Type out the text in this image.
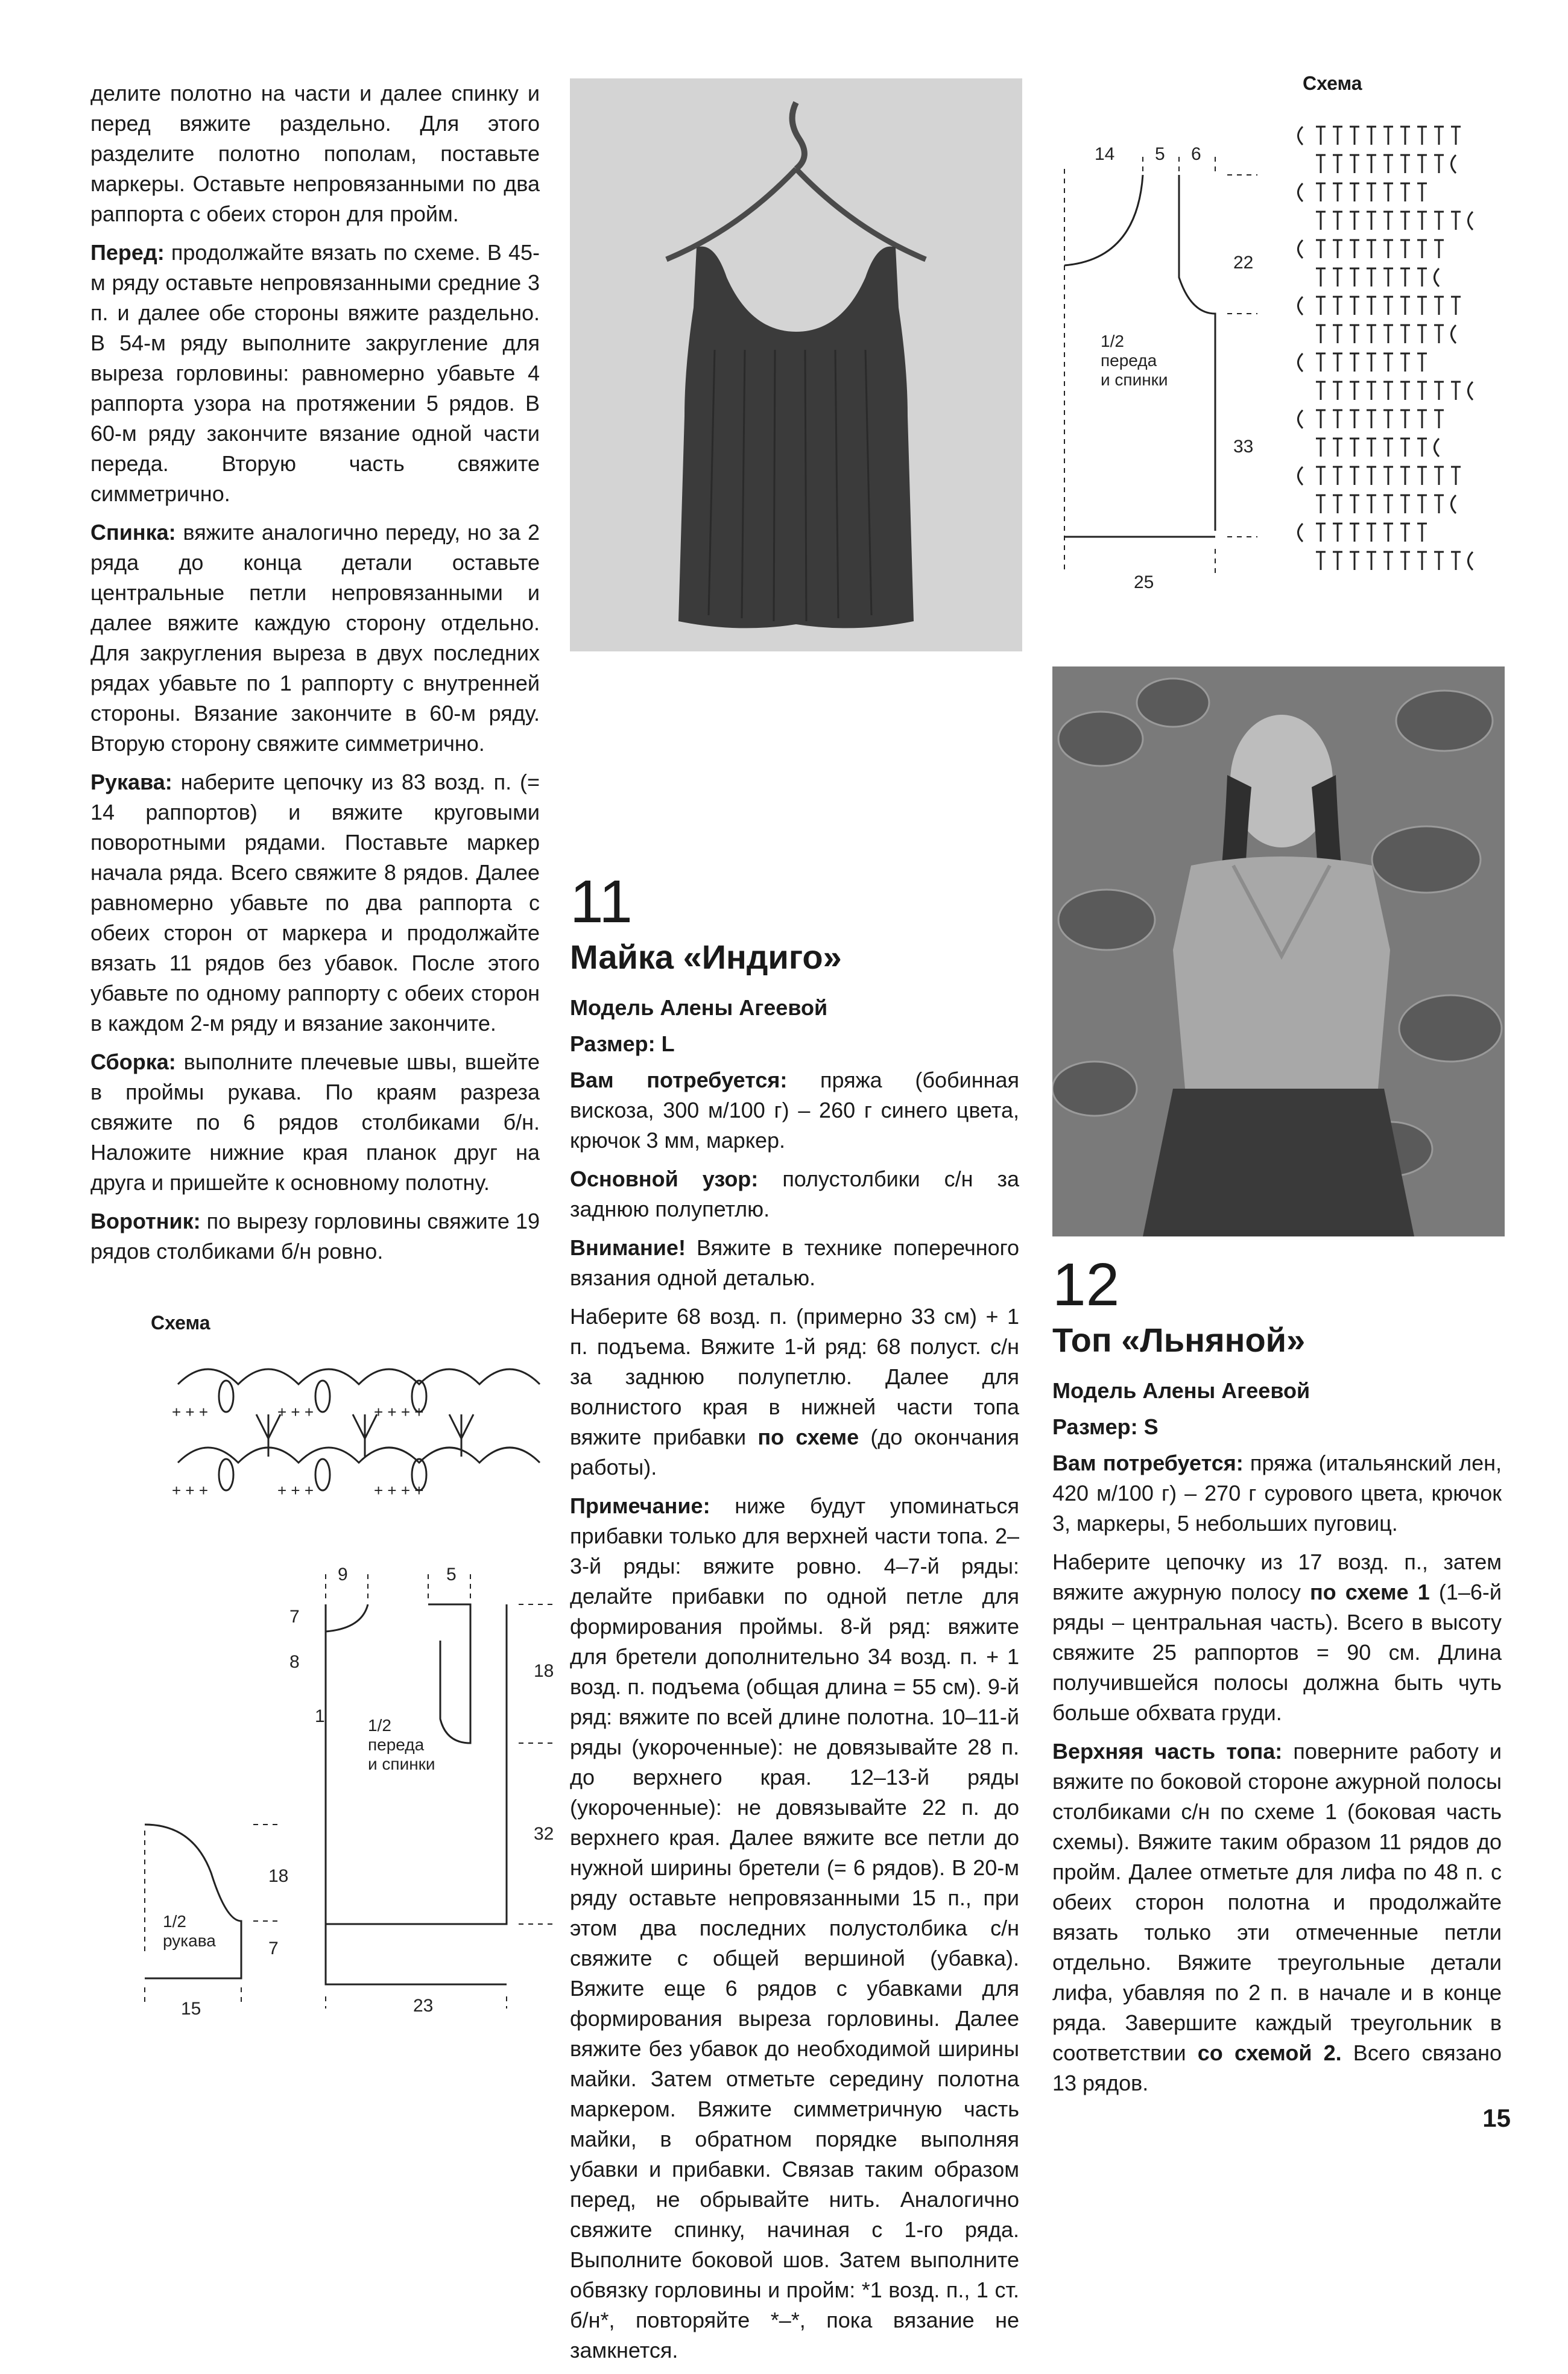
делите полотно на части и далее спинку и перед вяжите раздельно. Для этого разделите полотно пополам, поставьте маркеры. Оставьте непровязанными по два раппорта с обеих сторон для пройм.

Перед: продолжайте вязать по схеме. В 45-м ряду оставьте непровязанными средние 3 п. и далее обе стороны вяжите раздельно. В 54-м ряду выполните закругление для выреза горловины: равномерно убавьте 4 раппорта узора на протяжении 5 рядов. В 60-м ряду закончите вязание одной части переда. Вторую часть свяжите симметрично.

Спинка: вяжите аналогично переду, но за 2 ряда до конца детали оставьте центральные петли непровязанными и далее вяжите каждую сторону отдельно. Для закругления выреза в двух последних рядах убавьте по 1 раппорту с внутренней стороны. Вязание закончите в 60-м ряду. Вторую сторону свяжите симметрично.

Рукава: наберите цепочку из 83 возд. п. (= 14 раппортов) и вяжите круговыми поворотными рядами. Поставьте маркер начала ряда. Всего свяжите 8 рядов. Далее равномерно убавьте по два раппорта с обеих сторон от маркера и продолжайте вязать 11 рядов без убавок. После этого убавьте по одному раппорту с обеих сторон в каждом 2-м ряду и вязание закончите.

Сборка: выполните плечевые швы, вшейте в проймы рукава. По краям разреза свяжите по 6 рядов столбиками б/н. Наложите нижние края планок друг на друга и пришейте к основному полотну.

Воротник: по вырезу горловины свяжите 19 рядов столбиками б/н ровно.

Схема
+ + +	+ + +	+ + + +
+ + +	+ + +	+ + + +
9	5
7
8
1
18
32
23
1/2
переда
и спинки
18
7
15
1/2
рукава
11
Майка «Индиго»
Модель Алены Агеевой
Размер: L

Вам потребуется: пряжа (бобинная вискоза, 300 м/100 г) – 260 г синего цвета, крючок 3 мм, маркер.

Основной узор: полустолбики с/н за заднюю полупетлю.

Внимание! Вяжите в технике поперечного вязания одной деталью.

Наберите 68 возд. п. (примерно 33 см) + 1 п. подъема. Вяжите 1-й ряд: 68 полуст. с/н за заднюю полупетлю. Далее для волнистого края в нижней части топа вяжите прибавки по схеме (до окончания работы).

Примечание: ниже будут упоминаться прибавки только для верхней части топа. 2–3-й ряды: вяжите ровно. 4–7-й ряды: делайте прибавки по одной петле для формирования проймы. 8-й ряд: вяжите для бретели дополнительно 34 возд. п. + 1 возд. п. подъема (общая длина = 55 см). 9-й ряд: вяжите по всей длине полотна. 10–11-й ряды (укороченные): не довязывайте 28 п. до верхнего края. 12–13-й ряды (укороченные): не довязывайте 22 п. до верхнего края. Далее вяжите все петли до нужной ширины бретели (= 6 рядов). В 20-м ряду оставьте непровязанными 15 п., при этом два последних полустолбика с/н свяжите с общей вершиной (убавка). Вяжите еще 6 рядов с убавками для формирования выреза горловины. Далее вяжите без убавок до необходимой ширины майки. Затем отметьте середину полотна маркером. Вяжите симметричную часть майки, в обратном порядке выполняя убавки и прибавки. Связав таким образом перед, не обрывайте нить. Аналогично свяжите спинку, начиная с 1-го ряда. Выполните боковой шов. Затем выполните обвязку горловины и пройм: *1 возд. п., 1 ст. б/н*, повторяйте *–*, пока вязание не замкнется.

Схема
14 5 6
22
33
25
1/2
переда
и спинки
12
Топ «Льняной»
Модель Алены Агеевой
Размер: S

Вам потребуется: пряжа (итальянский лен, 420 м/100 г) – 270 г сурового цвета, крючок 3, маркеры, 5 небольших пуговиц.

Наберите цепочку из 17 возд. п., затем вяжите ажурную полосу по схеме 1 (1–6-й ряды – центральная часть). Всего в высоту свяжите 25 раппортов = 90 см. Длина получившейся полосы должна быть чуть больше обхвата груди.

Верхняя часть топа: поверните работу и вяжите по боковой стороне ажурной полосы столбиками с/н по схеме 1 (боковая часть схемы). Вяжите таким образом 11 рядов до пройм. Далее отметьте для лифа по 48 п. с обеих сторон полотна и продолжайте вязать только эти отмеченные петли отдельно. Вяжите треугольные детали лифа, убавляя по 2 п. в начале и в конце ряда. Завершите каждый треугольник в соответствии со схемой 2. Всего связано 13 рядов.

15
